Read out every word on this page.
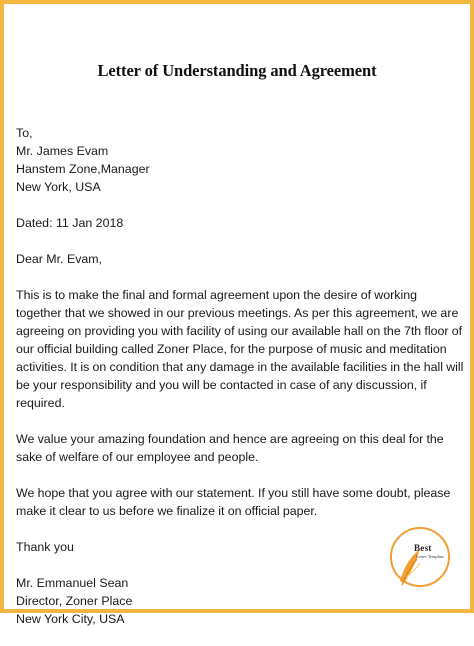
Letter of Understanding and Agreement
To,
Mr. James Evam
Hanstem Zone,Manager
New York, USA
Dated: 11 Jan 2018
Dear Mr. Evam,
This is to make the final and formal agreement upon the desire of working together that we showed in our previous meetings. As per this agreement, we are agreeing on providing you with facility of using our available hall on the 7th floor of our official building called Zoner Place, for the purpose of music and meditation activities. It is on condition that any damage in the available facilities in the hall will be your responsibility and you will be contacted in case of any discussion, if required.
We value your amazing foundation and hence are agreeing on this deal for the sake of welfare of our employee and people.
We hope that you agree with our statement. If you still have some doubt, please make it clear to us before we finalize it on official paper.
Thank you
Mr. Emmanuel Sean
Director, Zoner Place
New York City, USA
Best
Letter Template
